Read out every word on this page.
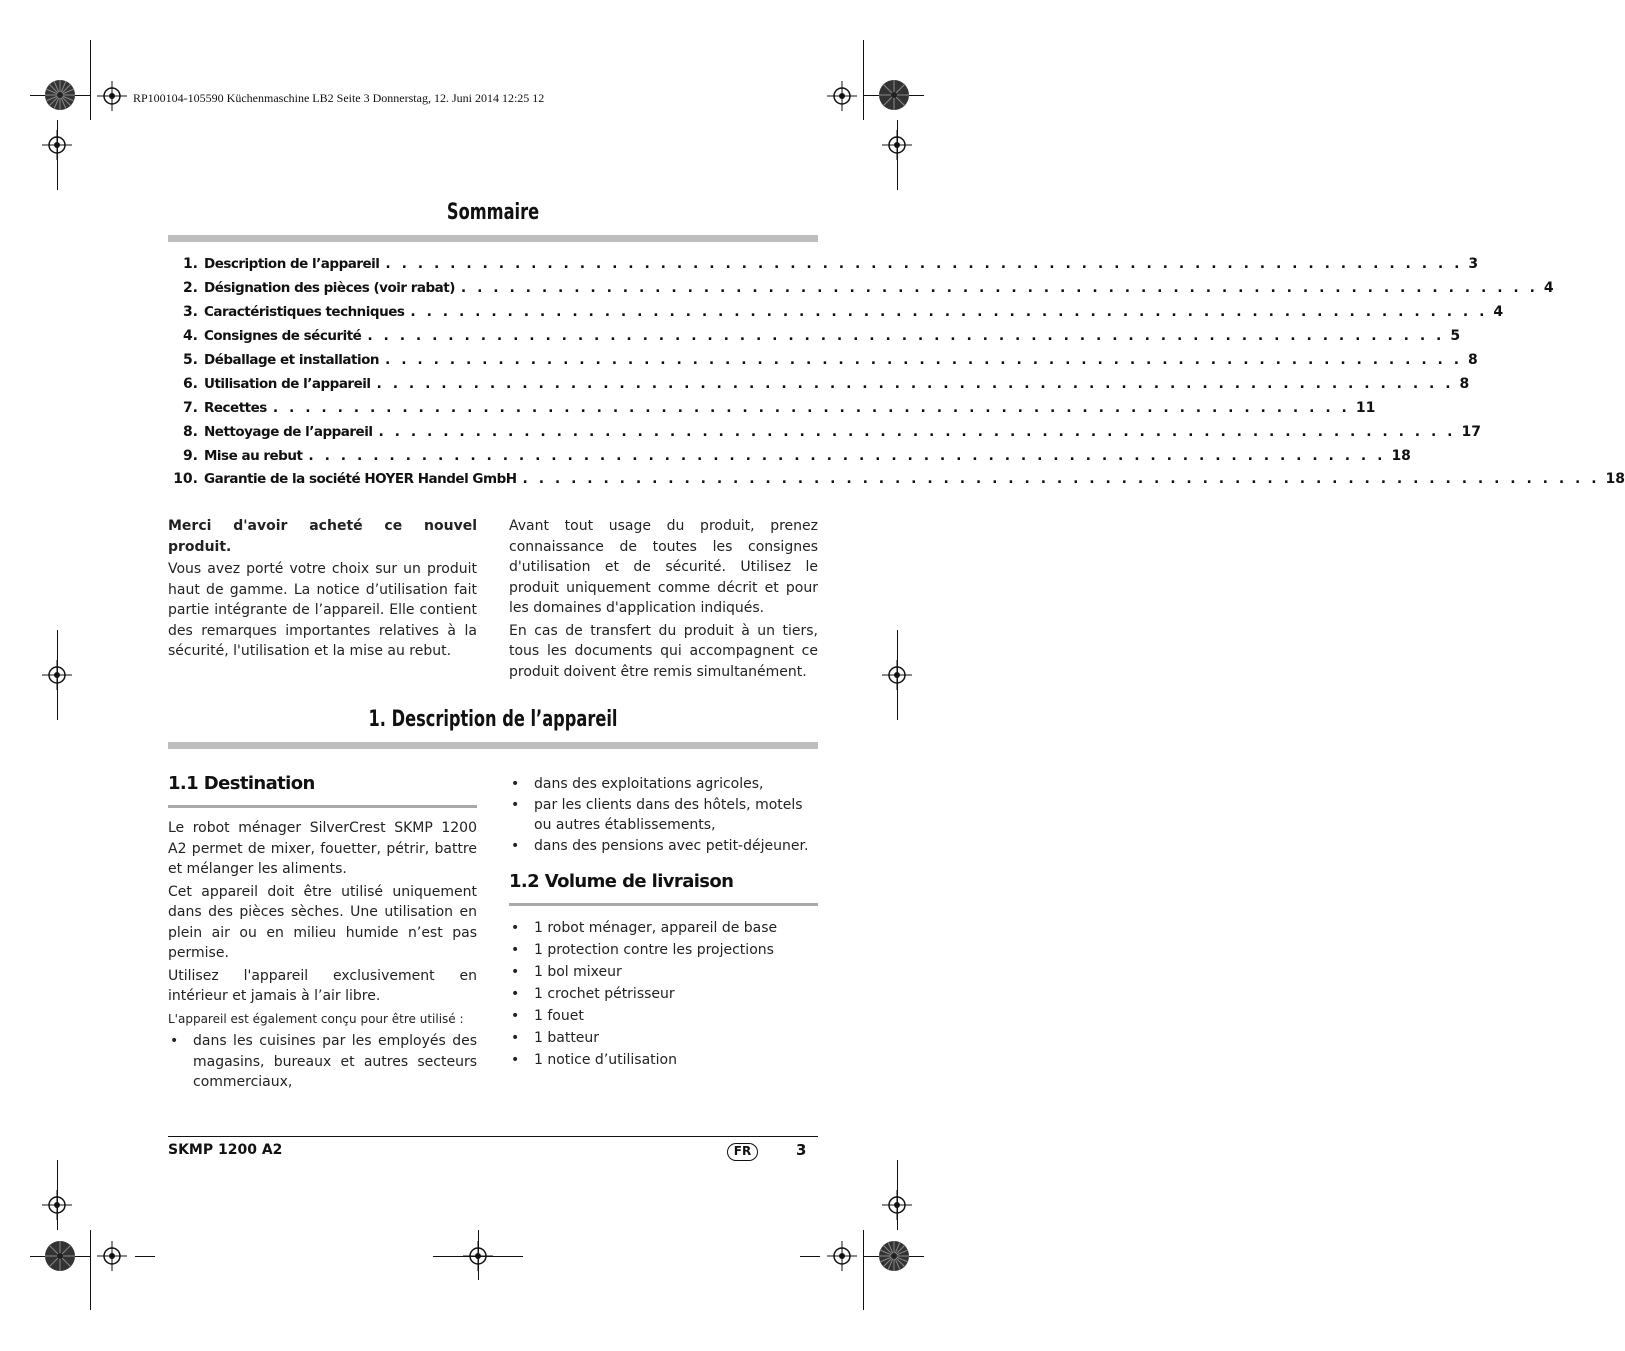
RP100104-105590 Küchenmaschine LB2 Seite 3 Donnerstag, 12. Juni 2014 12:25 12
Sommaire
1. Description de l’appareil . . . . . . . . . . . . . . . . . . . . . . . . . . . . . . . . . . . . . . . . . . . . . . . . . . . . . . . . . . . . . . . . . . . 3
2. Désignation des pièces (voir rabat) . . . . . . . . . . . . . . . . . . . . . . . . . . . . . . . . . . . . . . . . . . . . . . . . . . . . . . . . . . . . . . . . . . . 4
3. Caractéristiques techniques . . . . . . . . . . . . . . . . . . . . . . . . . . . . . . . . . . . . . . . . . . . . . . . . . . . . . . . . . . . . . . . . . . . 4
4. Consignes de sécurité . . . . . . . . . . . . . . . . . . . . . . . . . . . . . . . . . . . . . . . . . . . . . . . . . . . . . . . . . . . . . . . . . . . 5
5. Déballage et installation . . . . . . . . . . . . . . . . . . . . . . . . . . . . . . . . . . . . . . . . . . . . . . . . . . . . . . . . . . . . . . . . . . . 8
6. Utilisation de l’appareil . . . . . . . . . . . . . . . . . . . . . . . . . . . . . . . . . . . . . . . . . . . . . . . . . . . . . . . . . . . . . . . . . . . 8
7. Recettes . . . . . . . . . . . . . . . . . . . . . . . . . . . . . . . . . . . . . . . . . . . . . . . . . . . . . . . . . . . . . . . . . . . 11
8. Nettoyage de l’appareil . . . . . . . . . . . . . . . . . . . . . . . . . . . . . . . . . . . . . . . . . . . . . . . . . . . . . . . . . . . . . . . . . . . 17
9. Mise au rebut . . . . . . . . . . . . . . . . . . . . . . . . . . . . . . . . . . . . . . . . . . . . . . . . . . . . . . . . . . . . . . . . . . . 18
10. Garantie de la société HOYER Handel GmbH . . . . . . . . . . . . . . . . . . . . . . . . . . . . . . . . . . . . . . . . . . . . . . . . . . . . . . . . . . . . . . . . . . . 18

Merci d'avoir acheté ce nouvel produit.

Vous avez porté votre choix sur un produit haut de gamme. La notice d’utilisation fait partie intégrante de l’appareil. Elle contient des remarques importantes relatives à la sécurité, l'utilisation et la mise au rebut.

Avant tout usage du produit, prenez connaissance de toutes les consignes d'utilisation et de sécurité. Utilisez le produit uniquement comme décrit et pour les domaines d'application indiqués.

En cas de transfert du produit à un tiers, tous les documents qui accompagnent ce produit doivent être remis simultanément.

1. Description de l’appareil
1.1 Destination

Le robot ménager SilverCrest SKMP 1200 A2 permet de mixer, fouetter, pétrir, battre et mélanger les aliments.

Cet appareil doit être utilisé uniquement dans des pièces sèches. Une utilisation en plein air ou en milieu humide n’est pas permise.

Utilisez l'appareil exclusivement en intérieur et jamais à l’air libre.

L'appareil est également conçu pour être utilisé :

• dans les cuisines par les employés des magasins, bureaux et autres secteurs commerciaux,
• dans des exploitations agricoles,
• par les clients dans des hôtels, motels ou autres établissements,
• dans des pensions avec petit-déjeuner.
1.2 Volume de livraison
• 1 robot ménager, appareil de base
• 1 protection contre les projections
• 1 bol mixeur
• 1 crochet pétrisseur
• 1 fouet
• 1 batteur
• 1 notice d’utilisation
SKMP 1200 A2	FR	3
